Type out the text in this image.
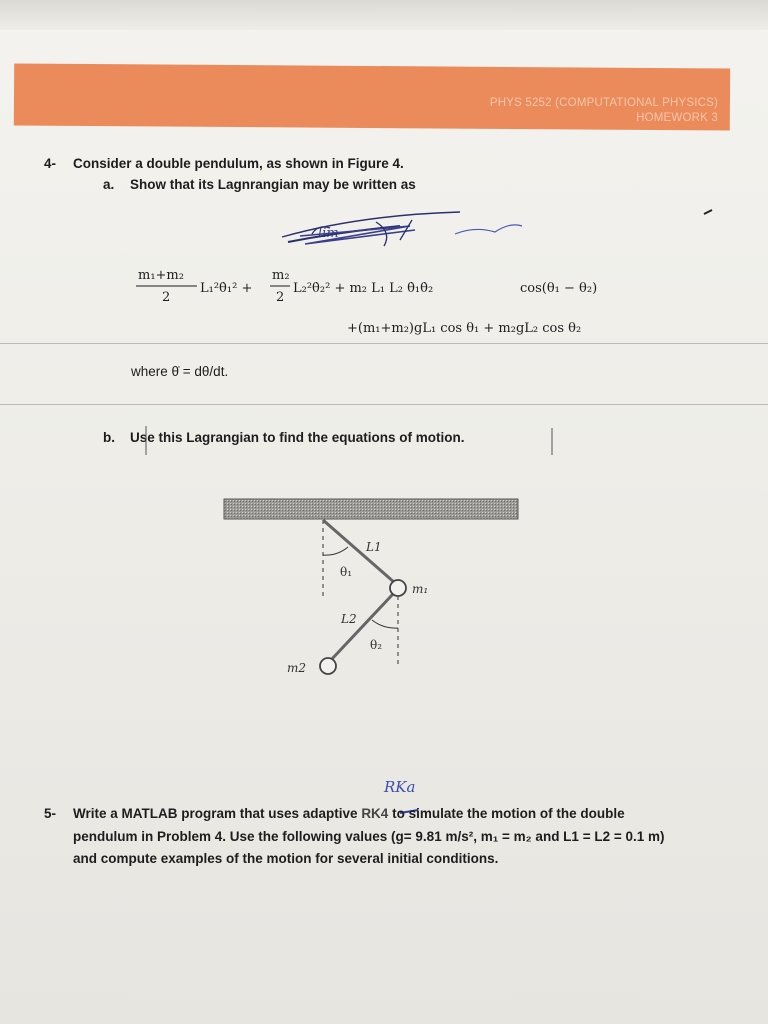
PHYS 5252 (COMPUTATIONAL PHYSICS)
HOMEWORK 3
4- Consider a double pendulum, as shown in Figure 4.
a. Show that its Lagnrangian may be written as
lim
m₁+m₂
2
L₁²θ̇₁² +
m₂
2
L₂²θ̇₂² + m₂ L₁ L₂ θ̇₁θ̇₂	cos(θ₁ − θ₂)
+(m₁+m₂)gL₁ cos θ₁ + m₂gL₂ cos θ₂
where θ̇ = dθ/dt.
b. Use this Lagrangian to find the equations of motion.
L1
θ₁
m₁
L2
θ₂
m2
RKa
5- Write a MATLAB program that uses adaptive RK4 to simulate the motion of the double
pendulum in Problem 4. Use the following values (g= 9.81 m/s², m₁ = m₂ and L1 = L2 = 0.1 m)
and compute examples of the motion for several initial conditions.
